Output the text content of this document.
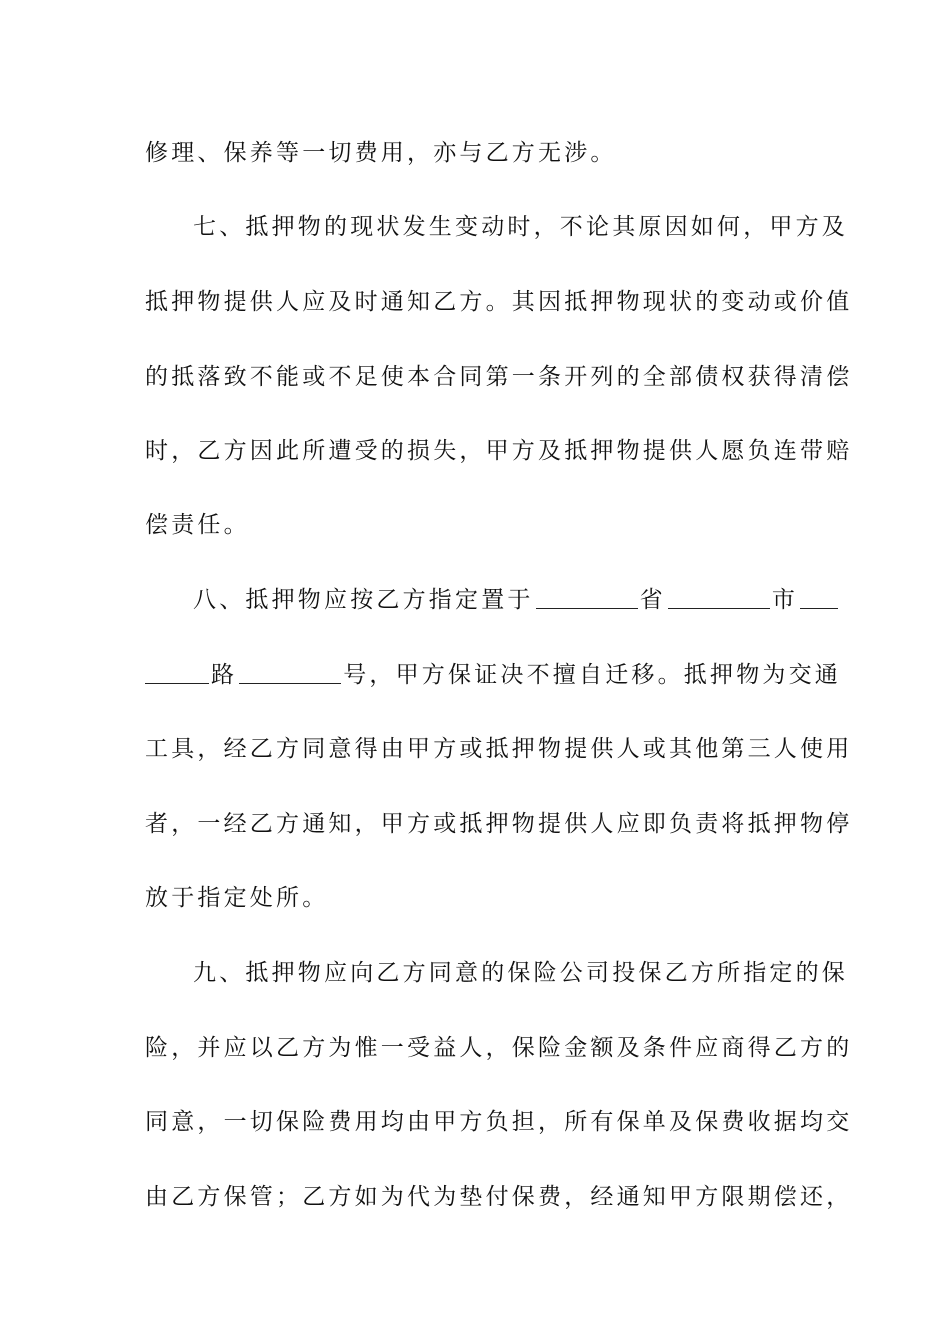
修理、保养等一切费用，亦与乙方无涉。
七、抵押物的现状发生变动时，不论其原因如何，甲方及
抵押物提供人应及时通知乙方。其因抵押物现状的变动或价值
的抵落致不能或不足使本合同第一条开列的全部债权获得清偿
时，乙方因此所遭受的损失，甲方及抵押物提供人愿负连带赔
偿责任。
八、抵押物应按乙方指定置于	省	市
路	号，甲方保证决不擅自迁移。抵押物为交通
工具，经乙方同意得由甲方或抵押物提供人或其他第三人使用
者，一经乙方通知，甲方或抵押物提供人应即负责将抵押物停
放于指定处所。
九、抵押物应向乙方同意的保险公司投保乙方所指定的保
险，并应以乙方为惟一受益人，保险金额及条件应商得乙方的
同意，一切保险费用均由甲方负担，所有保单及保费收据均交
由乙方保管；乙方如为代为垫付保费，经通知甲方限期偿还，
